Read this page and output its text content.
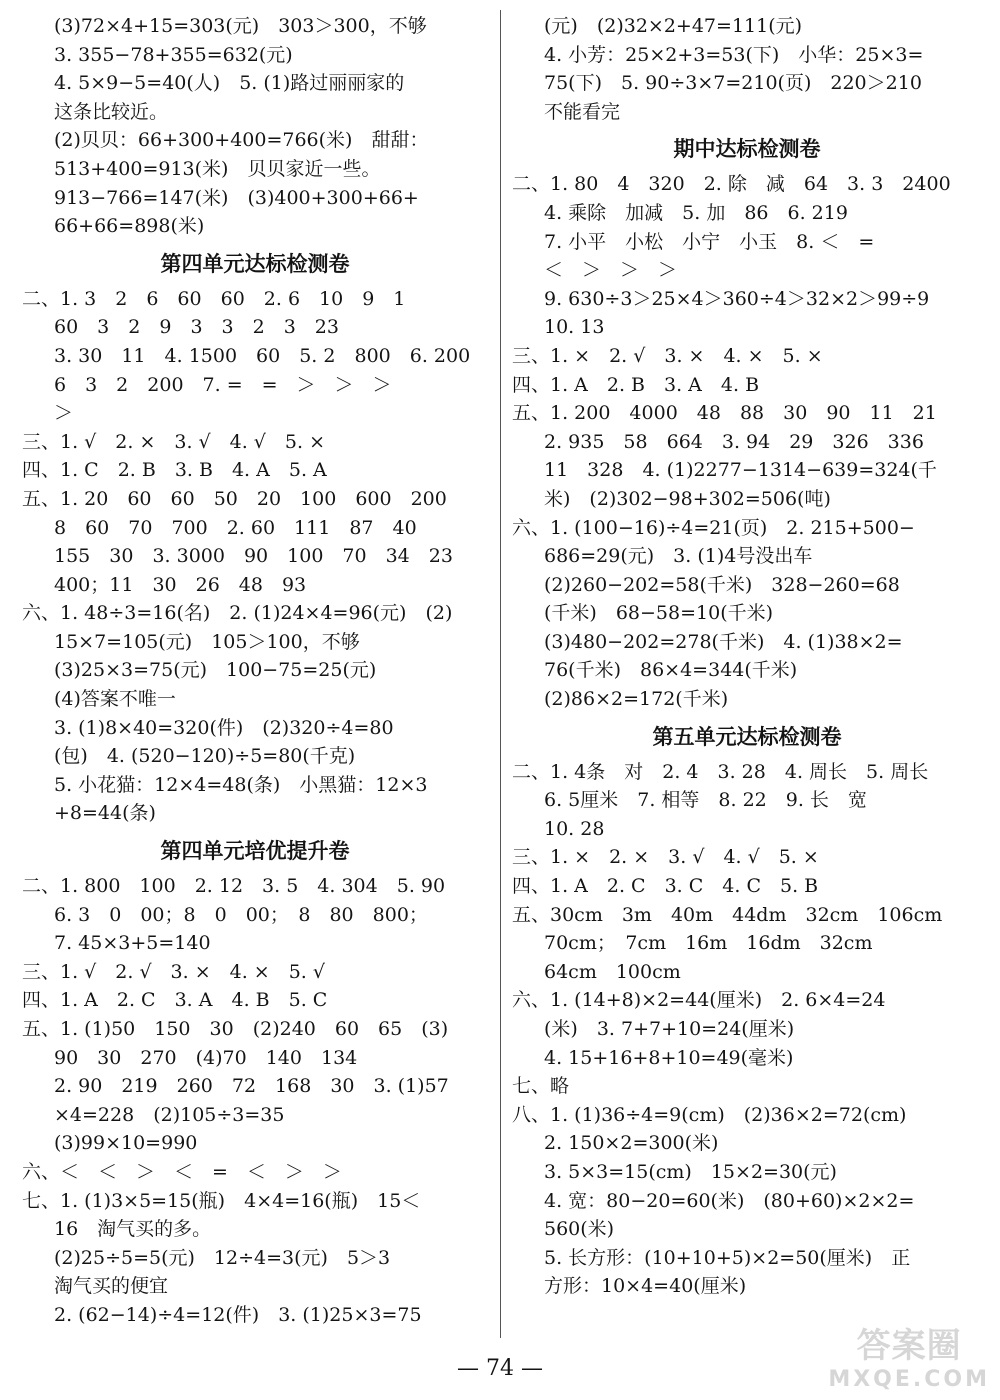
(3)72×4+15=303(元)　303＞300，不够
3. 355−78+355=632(元)
4. 5×9−5=40(人)　5. (1)路过丽丽家的
这条比较近。
(2)贝贝：66+300+400=766(米)　甜甜：
513+400=913(米)　贝贝家近一些。
913−766=147(米)　(3)400+300+66+
66+66=898(米)
第四单元达标检测卷
二、1. 3　2　6　60　60　2. 6　10　9　1
60　3　2　9　3　3　2　3　23
3. 30　11　4. 1500　60　5. 2　800　6. 200
6　3　2　200　7. =　=　＞　＞　＞
＞
三、1. √　2. ×　3. √　4. √　5. ×
四、1. C　2. B　3. B　4. A　5. A
五、1. 20　60　60　50　20　100　600　200
8　60　70　700　2. 60　111　87　40
155　30　3. 3000　90　100　70　34　23
400；11　30　26　48　93
六、1. 48÷3=16(名)　2. (1)24×4=96(元)　(2)
15×7=105(元)　105＞100，不够
(3)25×3=75(元)　100−75=25(元)
(4)答案不唯一
3. (1)8×40=320(件)　(2)320÷4=80
(包)　4. (520−120)÷5=80(千克)
5. 小花猫：12×4=48(条)　小黑猫：12×3
+8=44(条)
第四单元培优提升卷
二、1. 800　100　2. 12　3. 5　4. 304　5. 90
6. 3　0　00；8　0　00；　8　80　800；
7. 45×3+5=140
三、1. √　2. √　3. ×　4. ×　5. √
四、1. A　2. C　3. A　4. B　5. C
五、1. (1)50　150　30　(2)240　60　65　(3)
90　30　270　(4)70　140　134
2. 90　219　260　72　168　30　3. (1)57
×4=228　(2)105÷3=35
(3)99×10=990
六、＜　＜　＞　＜　=　＜　＞　＞
七、1. (1)3×5=15(瓶)　4×4=16(瓶)　15＜
16　淘气买的多。
(2)25÷5=5(元)　12÷4=3(元)　5＞3
淘气买的便宜
2. (62−14)÷4=12(件)　3. (1)25×3=75
(元)　(2)32×2+47=111(元)
4. 小芳：25×2+3=53(下)　小华：25×3=
75(下)　5. 90÷3×7=210(页)　220＞210
不能看完
期中达标检测卷
二、1. 80　4　320　2. 除　减　64　3. 3　2400
4. 乘除　加减　5. 加　86　6. 219
7. 小平　小松　小宁　小玉　8. ＜　=
＜　＞　＞　＞
9. 630÷3＞25×4＞360÷4＞32×2＞99÷9
10. 13
三、1. ×　2. √　3. ×　4. ×　5. ×
四、1. A　2. B　3. A　4. B
五、1. 200　4000　48　88　30　90　11　21
2. 935　58　664　3. 94　29　326　336
11　328　4. (1)2277−1314−639=324(千
米)　(2)302−98+302=506(吨)
六、1. (100−16)÷4=21(页)　2. 215+500−
686=29(元)　3. (1)4号没出车
(2)260−202=58(千米)　328−260=68
(千米)　68−58=10(千米)
(3)480−202=278(千米)　4. (1)38×2=
76(千米)　86×4=344(千米)
(2)86×2=172(千米)
第五单元达标检测卷
二、1. 4条　对　2. 4　3. 28　4. 周长　5. 周长
6. 5厘米　7. 相等　8. 22　9. 长　宽
10. 28
三、1. ×　2. ×　3. √　4. √　5. ×
四、1. A　2. C　3. C　4. C　5. B
五、30cm　3m　40m　44dm　32cm　106cm
70cm；　7cm　16m　16dm　32cm
64cm　100cm
六、1. (14+8)×2=44(厘米)　2. 6×4=24
(米)　3. 7+7+10=24(厘米)
4. 15+16+8+10=49(毫米)
七、略
八、1. (1)36÷4=9(cm)　(2)36×2=72(cm)
2. 150×2=300(米)
3. 5×3=15(cm)　15×2=30(元)
4. 宽：80−20=60(米)　(80+60)×2×2=
560(米)
5. 长方形：(10+10+5)×2=50(厘米)　正
方形：10×4=40(厘米)
— 74 —
答案圈
MXQE.COM
